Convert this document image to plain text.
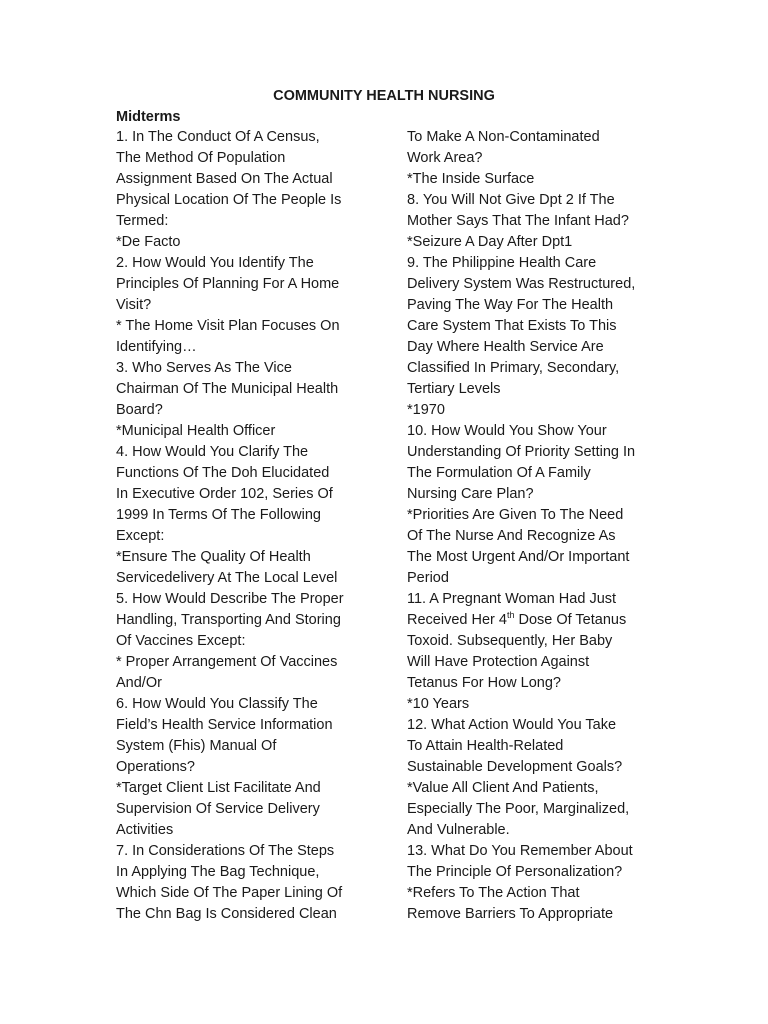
COMMUNITY HEALTH NURSING
Midterms
1. In The Conduct Of A Census,
The Method Of Population
Assignment Based On The Actual
Physical Location Of The People Is
Termed:
*De Facto
2. How Would You Identify The
Principles Of Planning For A Home
Visit?
* The Home Visit Plan Focuses On
Identifying…
3. Who Serves As The Vice
Chairman Of The Municipal Health
Board?
*Municipal Health Officer
4. How Would You Clarify The
Functions Of The Doh Elucidated
In Executive Order 102, Series Of
1999 In Terms Of The Following
Except:
*Ensure The Quality Of Health
Servicedelivery At The Local Level
5. How Would Describe The Proper
Handling, Transporting And Storing
Of Vaccines Except:
* Proper Arrangement Of Vaccines
And/Or
6. How Would You Classify The
Field’s Health Service Information
System (Fhis) Manual Of
Operations?
*Target Client List Facilitate And
Supervision Of Service Delivery
Activities
7. In Considerations Of The Steps
In Applying The Bag Technique,
Which Side Of The Paper Lining Of
The Chn Bag Is Considered Clean
To Make A Non-Contaminated
Work Area?
*The Inside Surface
8. You Will Not Give Dpt 2 If The
Mother Says That The Infant Had?
*Seizure A Day After Dpt1
9. The Philippine Health Care
Delivery System Was Restructured,
Paving The Way For The Health
Care System That Exists To This
Day Where Health Service Are
Classified In Primary, Secondary,
Tertiary Levels
*1970
10. How Would You Show Your
Understanding Of Priority Setting In
The Formulation Of A Family
Nursing Care Plan?
*Priorities Are Given To The Need
Of The Nurse And Recognize As
The Most Urgent And/Or Important
Period
11. A Pregnant Woman Had Just
Received Her 4th Dose Of Tetanus
Toxoid. Subsequently, Her Baby
Will Have Protection Against
Tetanus For How Long?
*10 Years
12. What Action Would You Take
To Attain Health-Related
Sustainable Development Goals?
*Value All Client And Patients,
Especially The Poor, Marginalized,
And Vulnerable.
13. What Do You Remember About
The Principle Of Personalization?
*Refers To The Action That
Remove Barriers To Appropriate
